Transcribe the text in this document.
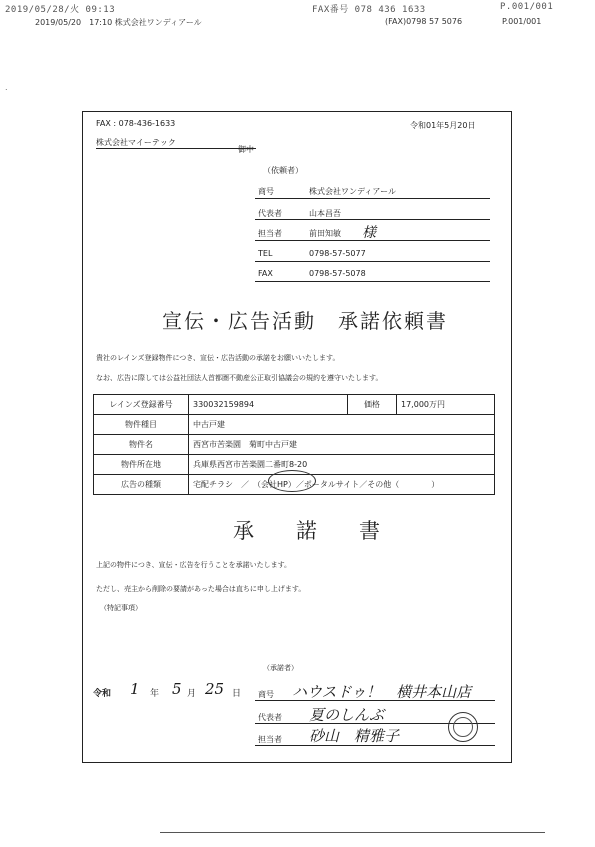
2019/05/28/火 09:13	FAX番号 078 436 1633	P.001/001
2019/05/20　17:10 株式会社ワンディアール	(FAX)0798 57 5076	P.001/001
FAX : 078-436-1633	令和01年5月20日
株式会社マイーテック
御中
（依頼者）
商号	株式会社ワンディアール
代表者	山本昌吾
担当者	前田知敏 様
TEL	0798-57-5077
FAX	0798-57-5078
宣伝・広告活動　承諾依頼書
貴社のレインズ登録物件につき、宣伝・広告活動の承諾をお願いいたします。
なお、広告に際しては公益社団法人首都圏不動産公正取引協議会の規約を遵守いたします。
レインズ登録番号	330032159894	価格	17,000万円
物件種目	中古戸建		
物件名	西宮市苦楽園　菊町中古戸建		
物件所在地	兵庫県西宮市苦楽園二番町8-20		
広告の種類	宅配チラシ　／　（会社HP）／ポータルサイト／その他（　　　　）		
承　　諾　　書
上記の物件につき、宣伝・広告を行うことを承諾いたします。
ただし、売主から削除の要請があった場合は直ちに申し上げます。
（特記事項）
（承諾者）
令和 1 年 5 月 25 日 商号 ハウスドゥ！　横井本山店
代表者 夏のしんぶ
担当者 砂山　精雅子
.
